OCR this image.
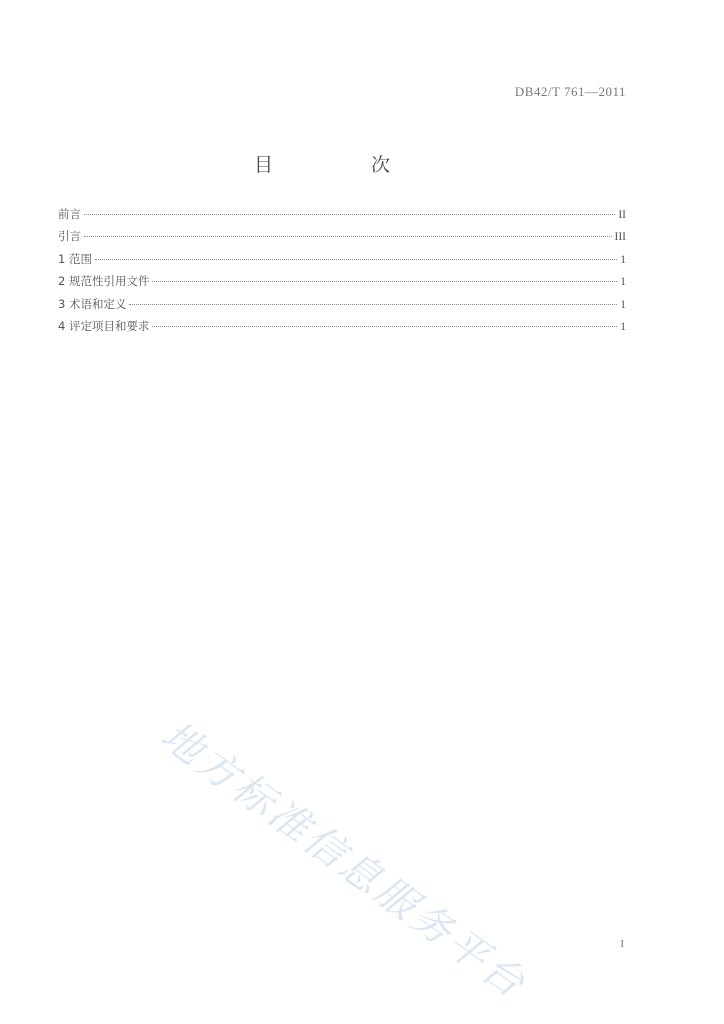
DB42/T 761—2011
目 次
前言	II
引言	III
1 范围	1
2 规范性引用文件	1
3 术语和定义	1
4 评定项目和要求	1
地方标准信息服务平台	I
